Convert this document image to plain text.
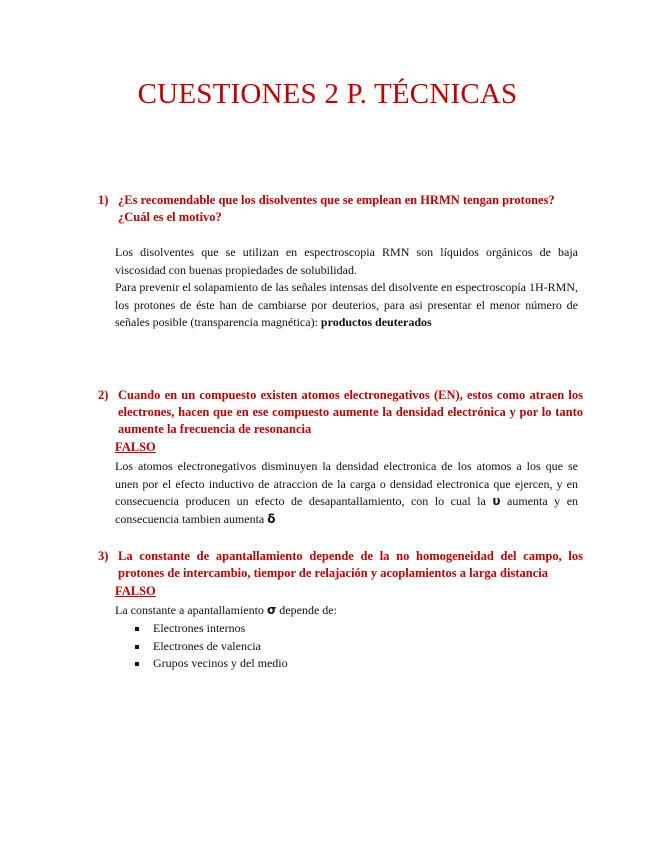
CUESTIONES 2 P. TÉCNICAS
1) ¿Es recomendable que los disolventes que se emplean en HRMN tengan protones? ¿Cuál es el motivo?

Los disolventes que se utilizan en espectroscopia RMN son líquidos orgánicos de baja viscosidad con buenas propiedades de solubilidad.

Para prevenir el solapamiento de las señales intensas del disolvente en espectroscopía 1H-RMN, los protones de éste han de cambiarse por deuterios, para asi presentar el menor número de señales posible (transparencia magnética): productos deuterados

2) Cuando en un compuesto existen atomos electronegativos (EN), estos como atraen los electrones, hacen que en ese compuesto aumente la densidad electrónica y por lo tanto aumente la frecuencia de resonancia
FALSO

Los atomos electronegativos disminuyen la densidad electronica de los atomos a los que se unen por el efecto inductivo de atraccion de la carga o densidad electronica que ejercen, y en consecuencia producen un efecto de desapantallamiento, con lo cual la υ aumenta y en consecuencia tambien aumenta δ

3) La constante de apantallamiento depende de la no homogeneidad del campo, los protones de intercambio, tiempor de relajación y acoplamientos a larga distancia
FALSO

La constante a apantallamiento σ depende de:

Electrones internos
Electrones de valencia
Grupos vecinos y del medio
